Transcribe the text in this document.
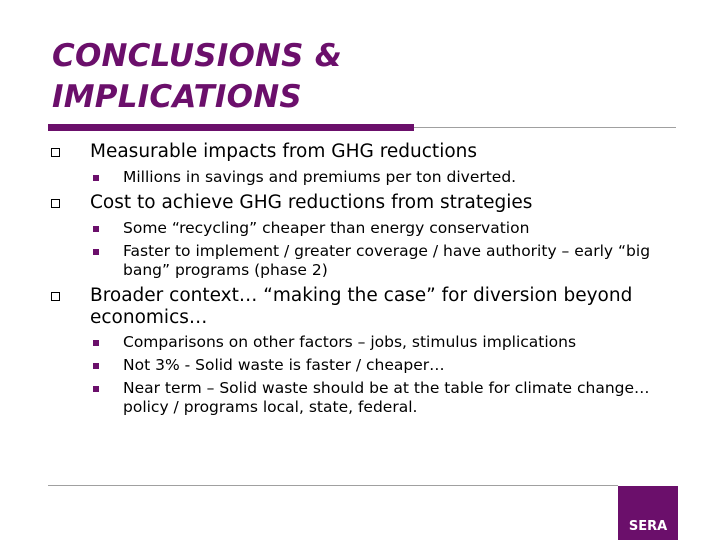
CONCLUSIONS &
IMPLICATIONS
Measurable impacts from GHG reductions
Millions in savings and premiums per ton diverted.
Cost to achieve GHG reductions from strategies
Some “recycling” cheaper than energy conservation
Faster to implement / greater coverage / have authority – early “big bang” programs (phase 2)
Broader context… “making the case” for diversion beyond economics…
Comparisons on other factors – jobs, stimulus implications
Not 3% - Solid waste is faster / cheaper…
Near term – Solid waste should be at the table for climate change… policy / programs local, state, federal.
SERA
